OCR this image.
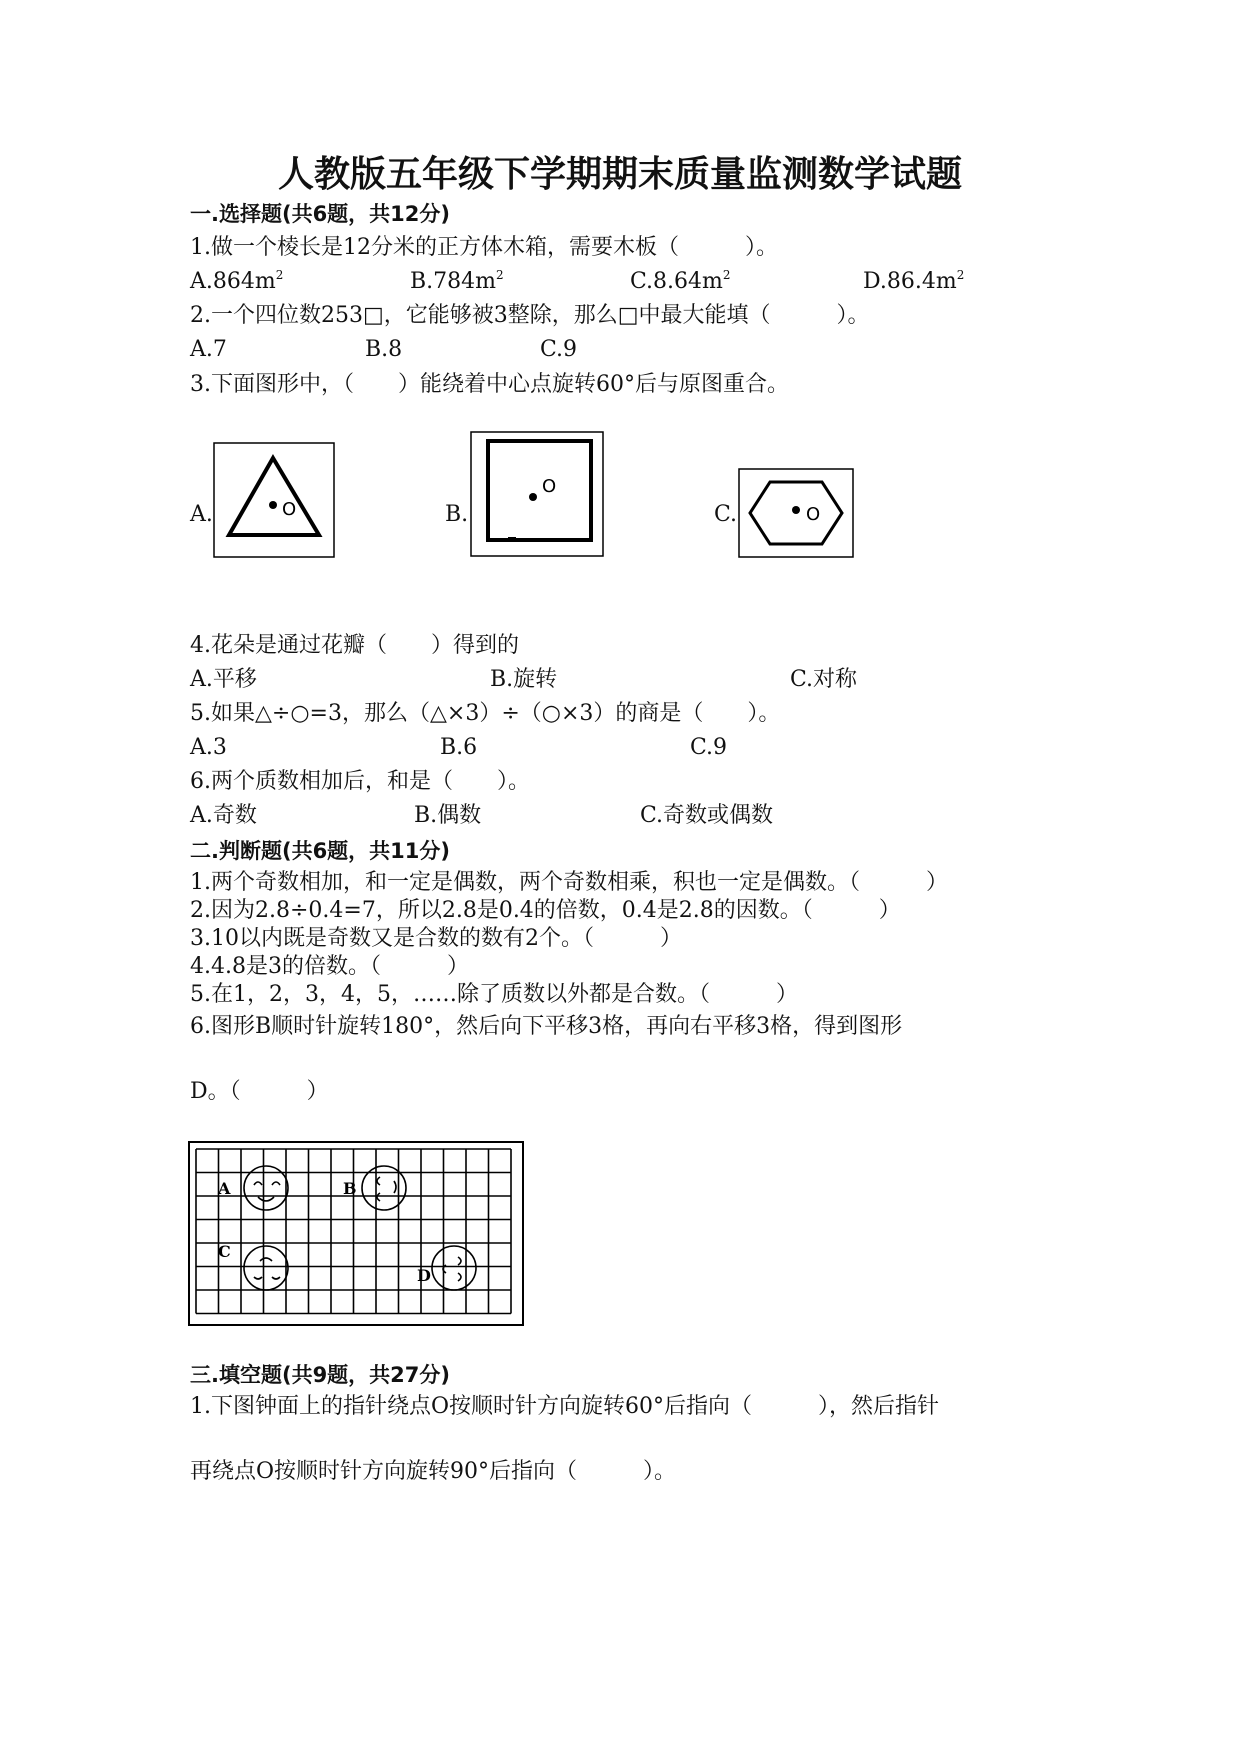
人教版五年级下学期期末质量监测数学试题
一.选择题(共6题，共12分)
1.做一个棱长是12分米的正方体木箱，需要木板（　　　）。
$A.864m^2$	$B.784m^2$	$C.8.64m^2$	$D.86.4m^2$
2.一个四位数253□，它能够被3整除，那么□中最大能填（　　　）。
A.7	B.8	C.9
3.下面图形中，（　　）能绕着中心点旋转60°后与原图重合。
A.	O	B.
O
C.	O
4.花朵是通过花瓣（　　）得到的
A.平移	B.旋转	C.对称
5.如果△÷○=3，那么（△×3）÷（○×3）的商是（　　）。
A.3	B.6	C.9
6.两个质数相加后，和是（　　）。
A.奇数	B.偶数	C.奇数或偶数
二.判断题(共6题，共11分)
1.两个奇数相加，和一定是偶数，两个奇数相乘，积也一定是偶数。（　　　）
2.因为2.8÷0.4=7，所以2.8是0.4的倍数，0.4是2.8的因数。（　　　）
3.10以内既是奇数又是合数的数有2个。（　　　）
4.4.8是3的倍数。（　　　）
5.在1，2，3，4，5，……除了质数以外都是合数。（　　　）
6.图形B顺时针旋转180°，然后向下平移3格，再向右平移3格，得到图形
D。（　　　）
A	B
C
D
三.填空题(共9题，共27分)
1.下图钟面上的指针绕点O按顺时针方向旋转60°后指向（　　　），然后指针
再绕点O按顺时针方向旋转90°后指向（　　　）。
